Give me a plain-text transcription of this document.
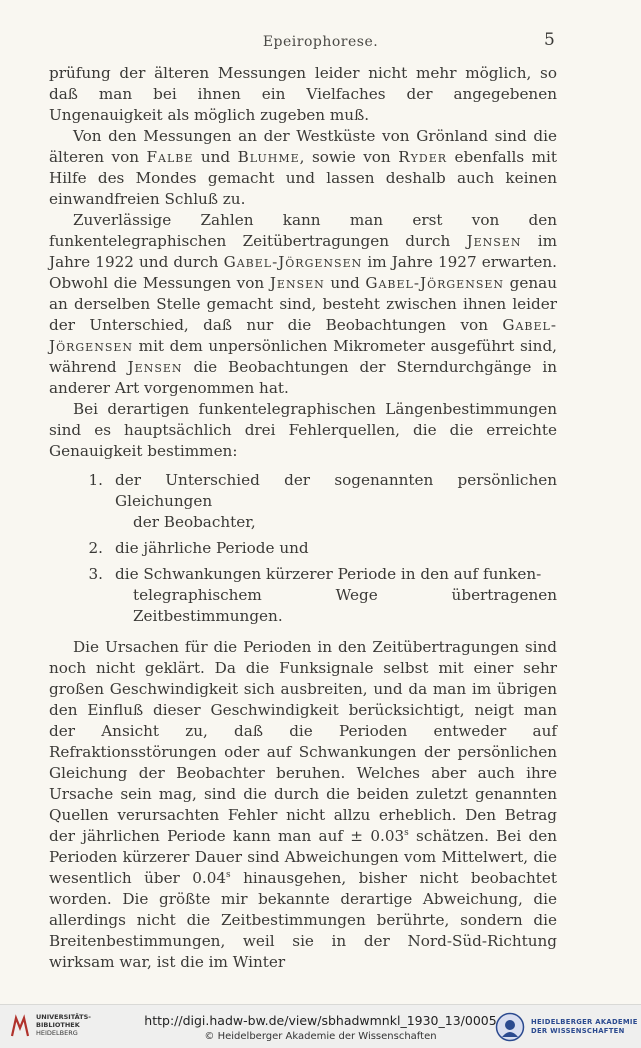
Epeirophorese.	5

prüfung der älteren Messungen leider nicht mehr möglich, so daß man bei ihnen ein Vielfaches der angegebenen Ungenauigkeit als möglich zugeben muß.

Von den Messungen an der Westküste von Grönland sind die älteren von Falbe und Bluhme, sowie von Ryder ebenfalls mit Hilfe des Mondes gemacht und lassen deshalb auch keinen einwandfreien Schluß zu.

Zuverlässige Zahlen kann man erst von den funkentelegraphischen Zeitübertragungen durch Jensen im Jahre 1922 und durch Gabel-Jörgensen im Jahre 1927 erwarten. Obwohl die Messungen von Jensen und Gabel-Jörgensen genau an derselben Stelle gemacht sind, besteht zwischen ihnen leider der Unterschied, daß nur die Beobachtungen von Gabel-Jörgensen mit dem unpersönlichen Mikrometer ausgeführt sind, während Jensen die Beobachtungen der Sterndurchgänge in anderer Art vorgenommen hat.

Bei derartigen funkentelegraphischen Längenbestimmungen sind es hauptsächlich drei Fehlerquellen, die die erreichte Genauigkeit bestimmen:

1. der Unterschied der sogenannten persönlichen Gleichungen
der Beobachter,
2. die jährliche Periode und
3. die Schwankungen kürzerer Periode in den auf funken-
telegraphischem Wege übertragenen Zeitbestimmungen.

Die Ursachen für die Perioden in den Zeitübertragungen sind noch nicht geklärt. Da die Funksignale selbst mit einer sehr großen Geschwindigkeit sich ausbreiten, und da man im übrigen den Einfluß dieser Geschwindigkeit berücksichtigt, neigt man der Ansicht zu, daß die Perioden entweder auf Refraktionsstörungen oder auf Schwankungen der persönlichen Gleichung der Beobachter beruhen. Welches aber auch ihre Ursache sein mag, sind die durch die beiden zuletzt genannten Quellen verursachten Fehler nicht allzu erheblich. Den Betrag der jährlichen Periode kann man auf ± $0.03^s$ schätzen. Bei den Perioden kürzerer Dauer sind Abweichungen vom Mittelwert, die wesentlich über 0.04$^s$ hinausgehen, bisher nicht beobachtet worden. Die größte mir bekannte derartige Abweichung, die allerdings nicht die Zeitbestimmungen berührte, sondern die Breitenbestimmungen, weil sie in der Nord-Süd-Richtung wirksam war, ist die im Winter

UNIVERSITÄTS-
BIBLIOTHEK
HEIDELBERG
http://digi.hadw-bw.de/view/sbhadwmnkl_1930_13/0005
© Heidelberger Akademie der Wissenschaften
HEIDELBERGER AKADEMIE
DER WISSENSCHAFTEN
